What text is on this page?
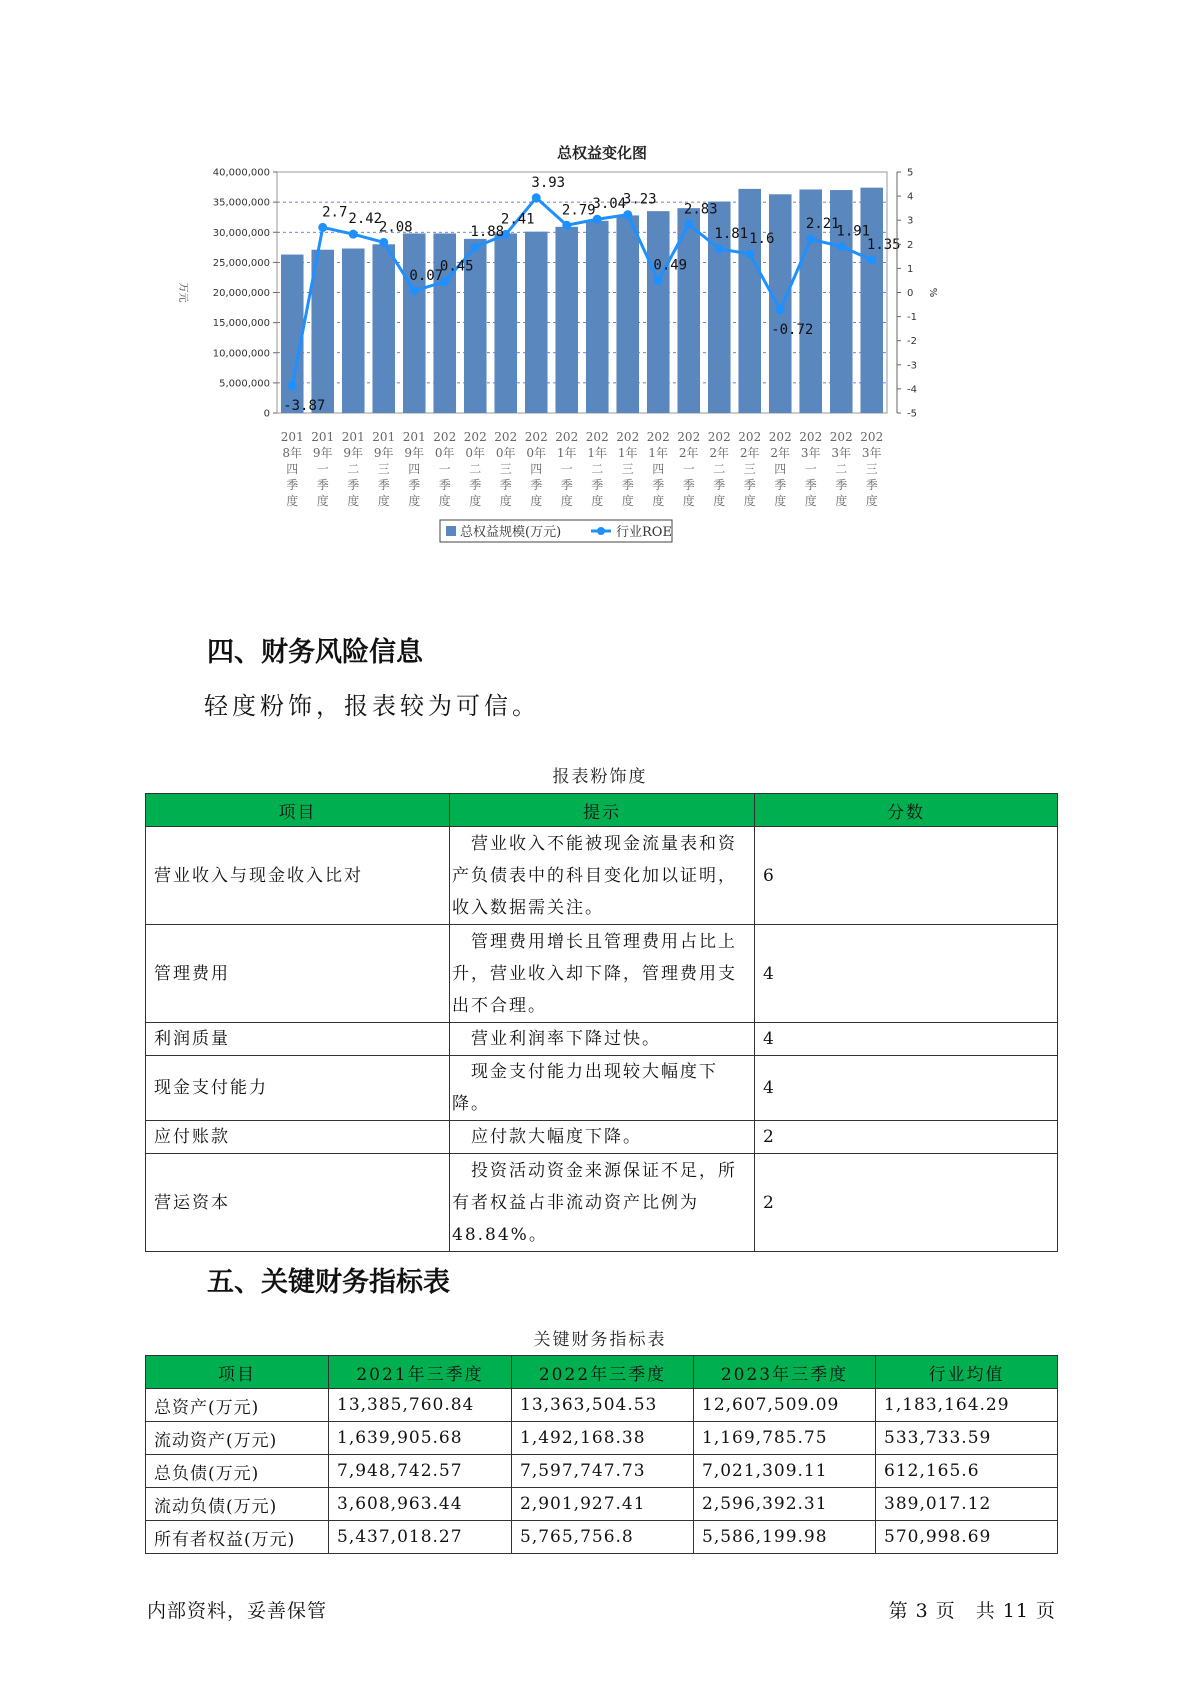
总权益变化图
-3.87
2.7 2.42
2.08
0.07
0.45
1.88
2.41
3.93
2.79
3.04
3.23
0.49
2.83
1.81 1.6
-0.72
2.21
1.91
1.35
0
5,000,000
10,000,000
15,000,000
20,000,000
25,000,000
30,000,000
35,000,000
40,000,000
-5
-4
-3
-2
-1
0
1
2
3
4
5
万元	%
201 8年四季度
201 9年一季度
201 9年二季度
201 9年三季度
201 9年四季度
202 0年一季度
202 0年二季度
202 0年三季度
202 0年四季度
202 1年一季度
202 1年二季度
202 1年三季度
202 1年四季度
202 2年一季度
202 2年二季度
202 2年三季度
202 2年四季度
202 3年一季度
202 3年二季度
202 3年三季度
总权益规模(万元)	行业ROE
四、财务风险信息

轻度粉饰，报表较为可信。

报表粉饰度
项目	提示	分数
营业收入与现金收入比对	　营业收入不能被现金流量表和资产负债表中的科目变化加以证明，收入数据需关注。	6
管理费用	　管理费用增长且管理费用占比上升，营业收入却下降，管理费用支出不合理。	4
利润质量	　营业利润率下降过快。	4
现金支付能力	　现金支付能力出现较大幅度下降。	4
应付账款	　应付款大幅度下降。	2
营运资本	　投资活动资金来源保证不足，所有者权益占非流动资产比例为48.84%。	2
五、关键财务指标表
关键财务指标表
项目	2021年三季度	2022年三季度	2023年三季度	行业均值
总资产(万元)	13,385,760.84	13,363,504.53	12,607,509.09	1,183,164.29
流动资产(万元)	1,639,905.68	1,492,168.38	1,169,785.75	533,733.59
总负债(万元)	7,948,742.57	7,597,747.73	7,021,309.11	612,165.6
流动负债(万元)	3,608,963.44	2,901,927.41	2,596,392.31	389,017.12
所有者权益(万元)	5,437,018.27	5,765,756.8	5,586,199.98	570,998.69
内部资料，妥善保管	第 3 页　共 11 页
